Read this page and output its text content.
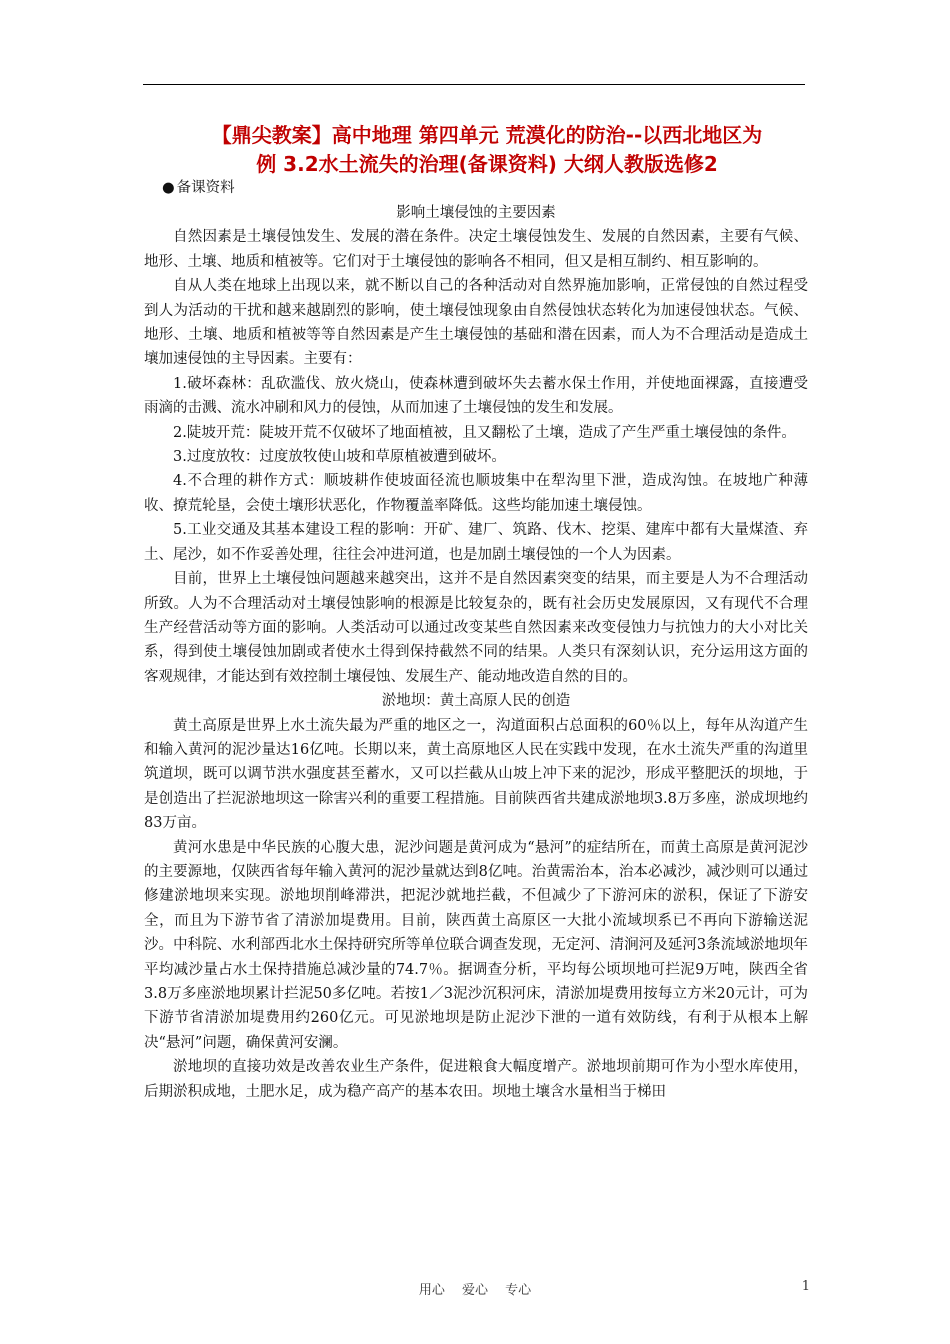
【鼎尖教案】高中地理 第四单元 荒漠化的防治--以西北地区为
例 3.2水土流失的治理(备课资料) 大纲人教版选修2
● 备课资料
影响土壤侵蚀的主要因素

自然因素是土壤侵蚀发生、发展的潜在条件。决定土壤侵蚀发生、发展的自然因素，主要有气候、地形、土壤、地质和植被等。它们对于土壤侵蚀的影响各不相同，但又是相互制约、相互影响的。

自从人类在地球上出现以来，就不断以自己的各种活动对自然界施加影响，正常侵蚀的自然过程受到人为活动的干扰和越来越剧烈的影响，使土壤侵蚀现象由自然侵蚀状态转化为加速侵蚀状态。气候、地形、土壤、地质和植被等等自然因素是产生土壤侵蚀的基础和潜在因素，而人为不合理活动是造成土壤加速侵蚀的主导因素。主要有：

1.破坏森林：乱砍滥伐、放火烧山，使森林遭到破坏失去蓄水保土作用，并使地面裸露，直接遭受雨滴的击溅、流水冲刷和风力的侵蚀，从而加速了土壤侵蚀的发生和发展。

2.陡坡开荒：陡坡开荒不仅破坏了地面植被，且又翻松了土壤，造成了产生严重土壤侵蚀的条件。

3.过度放牧：过度放牧使山坡和草原植被遭到破坏。

4.不合理的耕作方式：顺坡耕作使坡面径流也顺坡集中在犁沟里下泄，造成沟蚀。在坡地广种薄收、撩荒轮垦，会使土壤形状恶化，作物覆盖率降低。这些均能加速土壤侵蚀。

5.工业交通及其基本建设工程的影响：开矿、建厂、筑路、伐木、挖渠、建库中都有大量煤渣、弃土、尾沙，如不作妥善处理，往往会冲进河道，也是加剧土壤侵蚀的一个人为因素。

目前，世界上土壤侵蚀问题越来越突出，这并不是自然因素突变的结果，而主要是人为不合理活动所致。人为不合理活动对土壤侵蚀影响的根源是比较复杂的，既有社会历史发展原因，又有现代不合理生产经营活动等方面的影响。人类活动可以通过改变某些自然因素来改变侵蚀力与抗蚀力的大小对比关系，得到使土壤侵蚀加剧或者使水土得到保持截然不同的结果。人类只有深刻认识，充分运用这方面的客观规律，才能达到有效控制土壤侵蚀、发展生产、能动地改造自然的目的。

淤地坝：黄土高原人民的创造

黄土高原是世界上水土流失最为严重的地区之一，沟道面积占总面积的60％以上，每年从沟道产生和输入黄河的泥沙量达16亿吨。长期以来，黄土高原地区人民在实践中发现，在水土流失严重的沟道里筑道坝，既可以调节洪水强度甚至蓄水，又可以拦截从山坡上冲下来的泥沙，形成平整肥沃的坝地，于是创造出了拦泥淤地坝这一除害兴利的重要工程措施。目前陕西省共建成淤地坝3.8万多座，淤成坝地约83万亩。

黄河水患是中华民族的心腹大患，泥沙问题是黄河成为“悬河”的症结所在，而黄土高原是黄河泥沙的主要源地，仅陕西省每年输入黄河的泥沙量就达到8亿吨。治黄需治本，治本必减沙，减沙则可以通过修建淤地坝来实现。淤地坝削峰滞洪，把泥沙就地拦截，不但减少了下游河床的淤积，保证了下游安全，而且为下游节省了清淤加堤费用。目前，陕西黄土高原区一大批小流域坝系已不再向下游输送泥沙。中科院、水利部西北水土保持研究所等单位联合调查发现，无定河、清涧河及延河3条流域淤地坝年平均减沙量占水土保持措施总减沙量的74.7％。据调查分析，平均每公顷坝地可拦泥9万吨，陕西全省3.8万多座淤地坝累计拦泥50多亿吨。若按1／3泥沙沉积河床，清淤加堤费用按每立方米20元计，可为下游节省清淤加堤费用约260亿元。可见淤地坝是防止泥沙下泄的一道有效防线，有利于从根本上解决“悬河”问题，确保黄河安澜。

淤地坝的直接功效是改善农业生产条件，促进粮食大幅度增产。淤地坝前期可作为小型水库使用，后期淤积成地，土肥水足，成为稳产高产的基本农田。坝地土壤含水量相当于梯田

用心　 爱心　 专心	1
